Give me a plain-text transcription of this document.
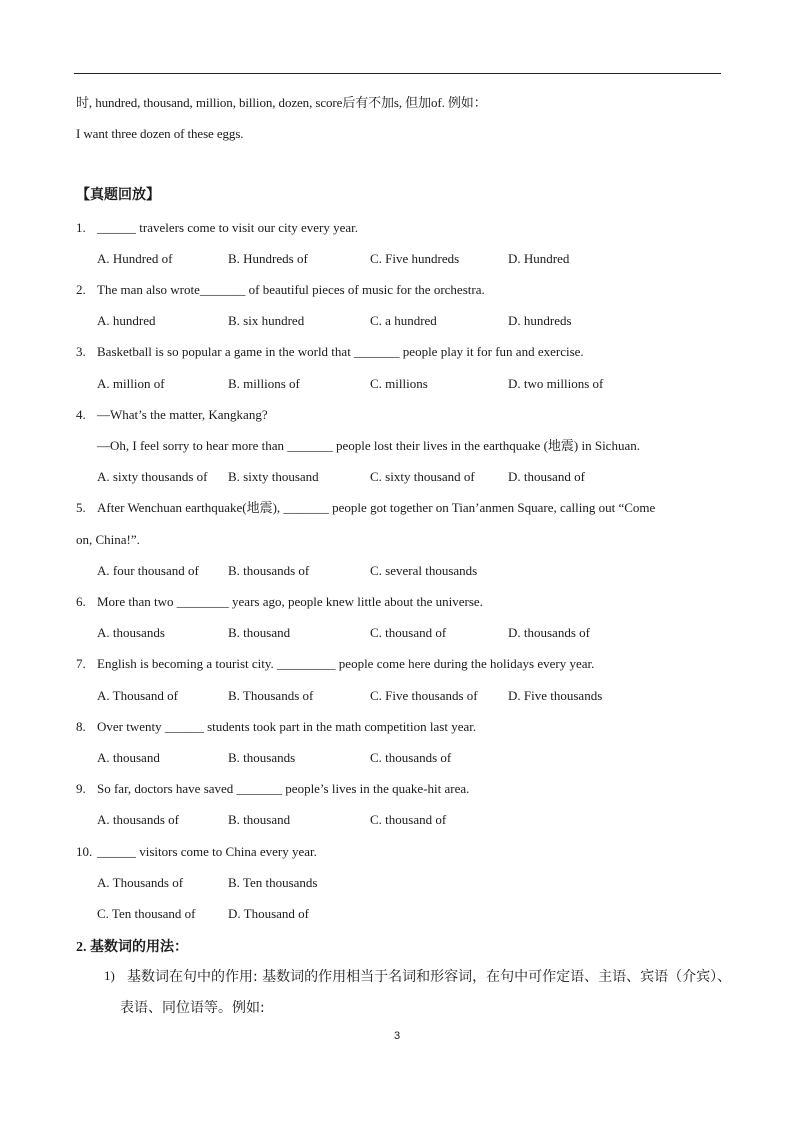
时, hundred, thousand, million, billion, dozen, score后有不加s, 但加of. 例如：
I want three dozen of these eggs.
【真题回放】
1. ______ travelers come to visit our city every year.
A. Hundred of	B. Hundreds of	C. Five hundreds	D. Hundred
2. The man also wrote_______ of beautiful pieces of music for the orchestra.
A. hundred	B. six hundred	C. a hundred	D. hundreds
3. Basketball is so popular a game in the world that _______ people play it for fun and exercise.
A. million of	B. millions of	C. millions	D. two millions of
4. —What’s the matter, Kangkang?
—Oh, I feel sorry to hear more than _______ people lost their lives in the earthquake (地震) in Sichuan.
A. sixty thousands of B. sixty thousand	C. sixty thousand of	D. thousand of
5. After Wenchuan earthquake(地震), _______ people got together on Tian’anmen Square, calling out “Come
on, China!”.
A. four thousand of B. thousands of	C. several thousands
6. More than two ________ years ago, people knew little about the universe.
A. thousands	B. thousand	C. thousand of	D. thousands of
7. English is becoming a tourist city. _________ people come here during the holidays every year.
A. Thousand of	B. Thousands of	C. Five thousands of D. Five thousands
8. Over twenty ______ students took part in the math competition last year.
A. thousand	B. thousands	C. thousands of
9. So far, doctors have saved _______ people’s lives in the quake-hit area.
A. thousands of	B. thousand	C. thousand of
10. ______ visitors come to China every year.
A. Thousands of	B. Ten thousands
C. Ten thousand of D. Thousand of
2. 基数词的用法：
1) 基数词在句中的作用: 基数词的作用相当于名词和形容词，在句中可作定语、主语、宾语（介宾）、
表语、同位语等。例如:
3
